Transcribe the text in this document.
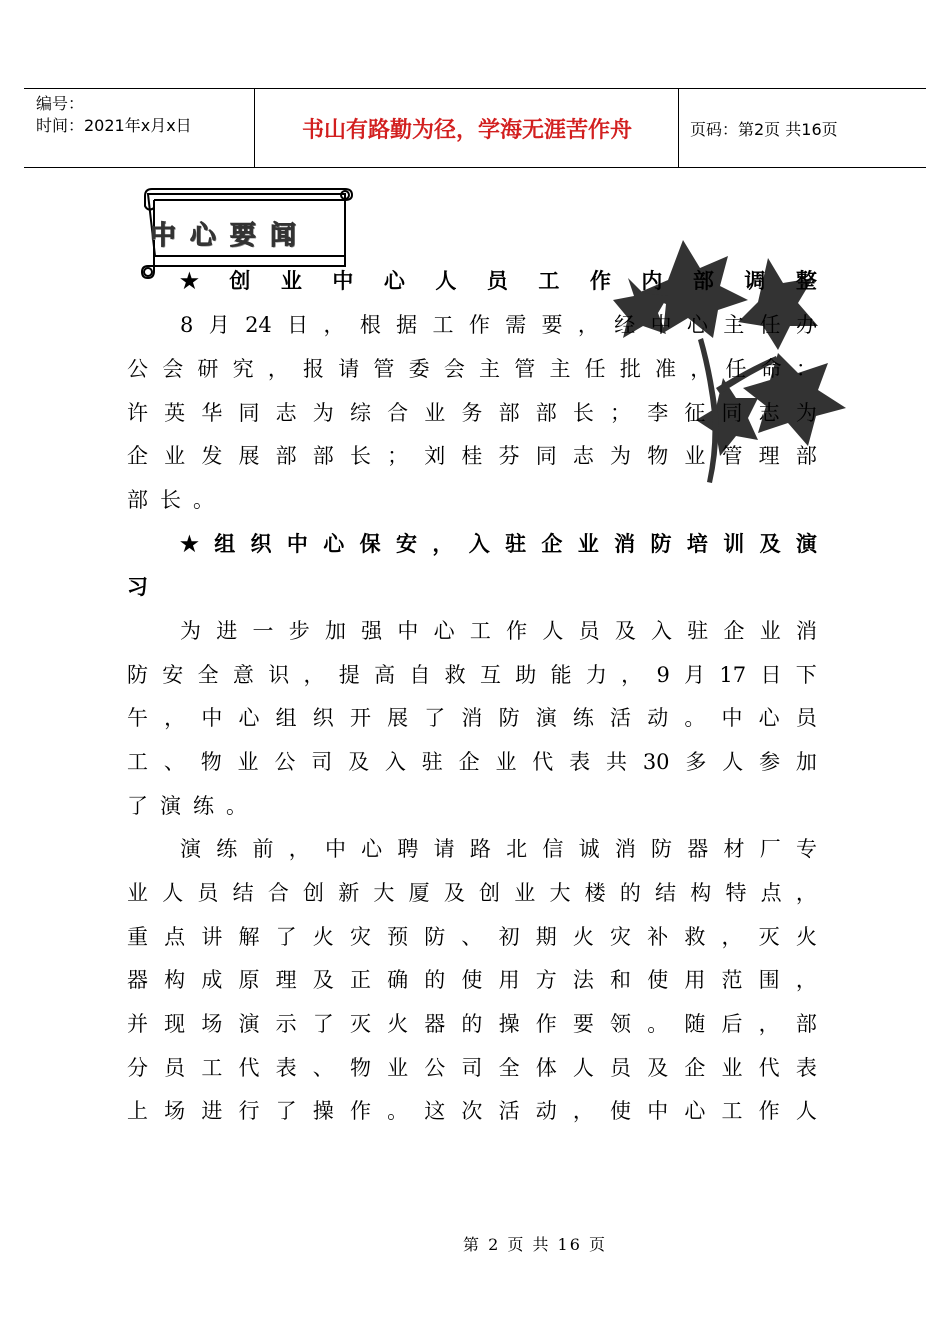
编号：
时间：2021年x月x日	书山有路勤为径，学海无涯苦作舟	页码：第2页 共16页
中心要闻
★ 创 业 中 心 人 员 工 作 内 部 调 整
8 月 24 日 ， 根 据 工 作 需 要 ， 经 中 心 主 任 办
公 会 研 究 ， 报 请 管 委 会 主 管 主 任 批 准 ， 任 命 ：
许 英 华 同 志 为 综 合 业 务 部 部 长 ； 李 征 同 志 为
企 业 发 展 部 部 长 ； 刘 桂 芬 同 志 为 物 业 管 理 部
部 长 。
★ 组 织 中 心 保 安 ， 入 驻 企 业 消 防 培 训 及 演
习
为 进 一 步 加 强 中 心 工 作 人 员 及 入 驻 企 业 消
防 安 全 意 识 ， 提 高 自 救 互 助 能 力 ， 9 月 17 日 下
午 ， 中 心 组 织 开 展 了 消 防 演 练 活 动 。 中 心 员
工 、 物 业 公 司 及 入 驻 企 业 代 表 共 30 多 人 参 加
了 演 练 。
演 练 前 ， 中 心 聘 请 路 北 信 诚 消 防 器 材 厂 专
业 人 员 结 合 创 新 大 厦 及 创 业 大 楼 的 结 构 特 点 ，
重 点 讲 解 了 火 灾 预 防 、 初 期 火 灾 补 救 ， 灭 火
器 构 成 原 理 及 正 确 的 使 用 方 法 和 使 用 范 围 ，
并 现 场 演 示 了 灭 火 器 的 操 作 要 领 。 随 后 ， 部
分 员 工 代 表 、 物 业 公 司 全 体 人 员 及 企 业 代 表
上 场 进 行 了 操 作 。 这 次 活 动 ， 使 中 心 工 作 人
第 2 页 共 16 页
